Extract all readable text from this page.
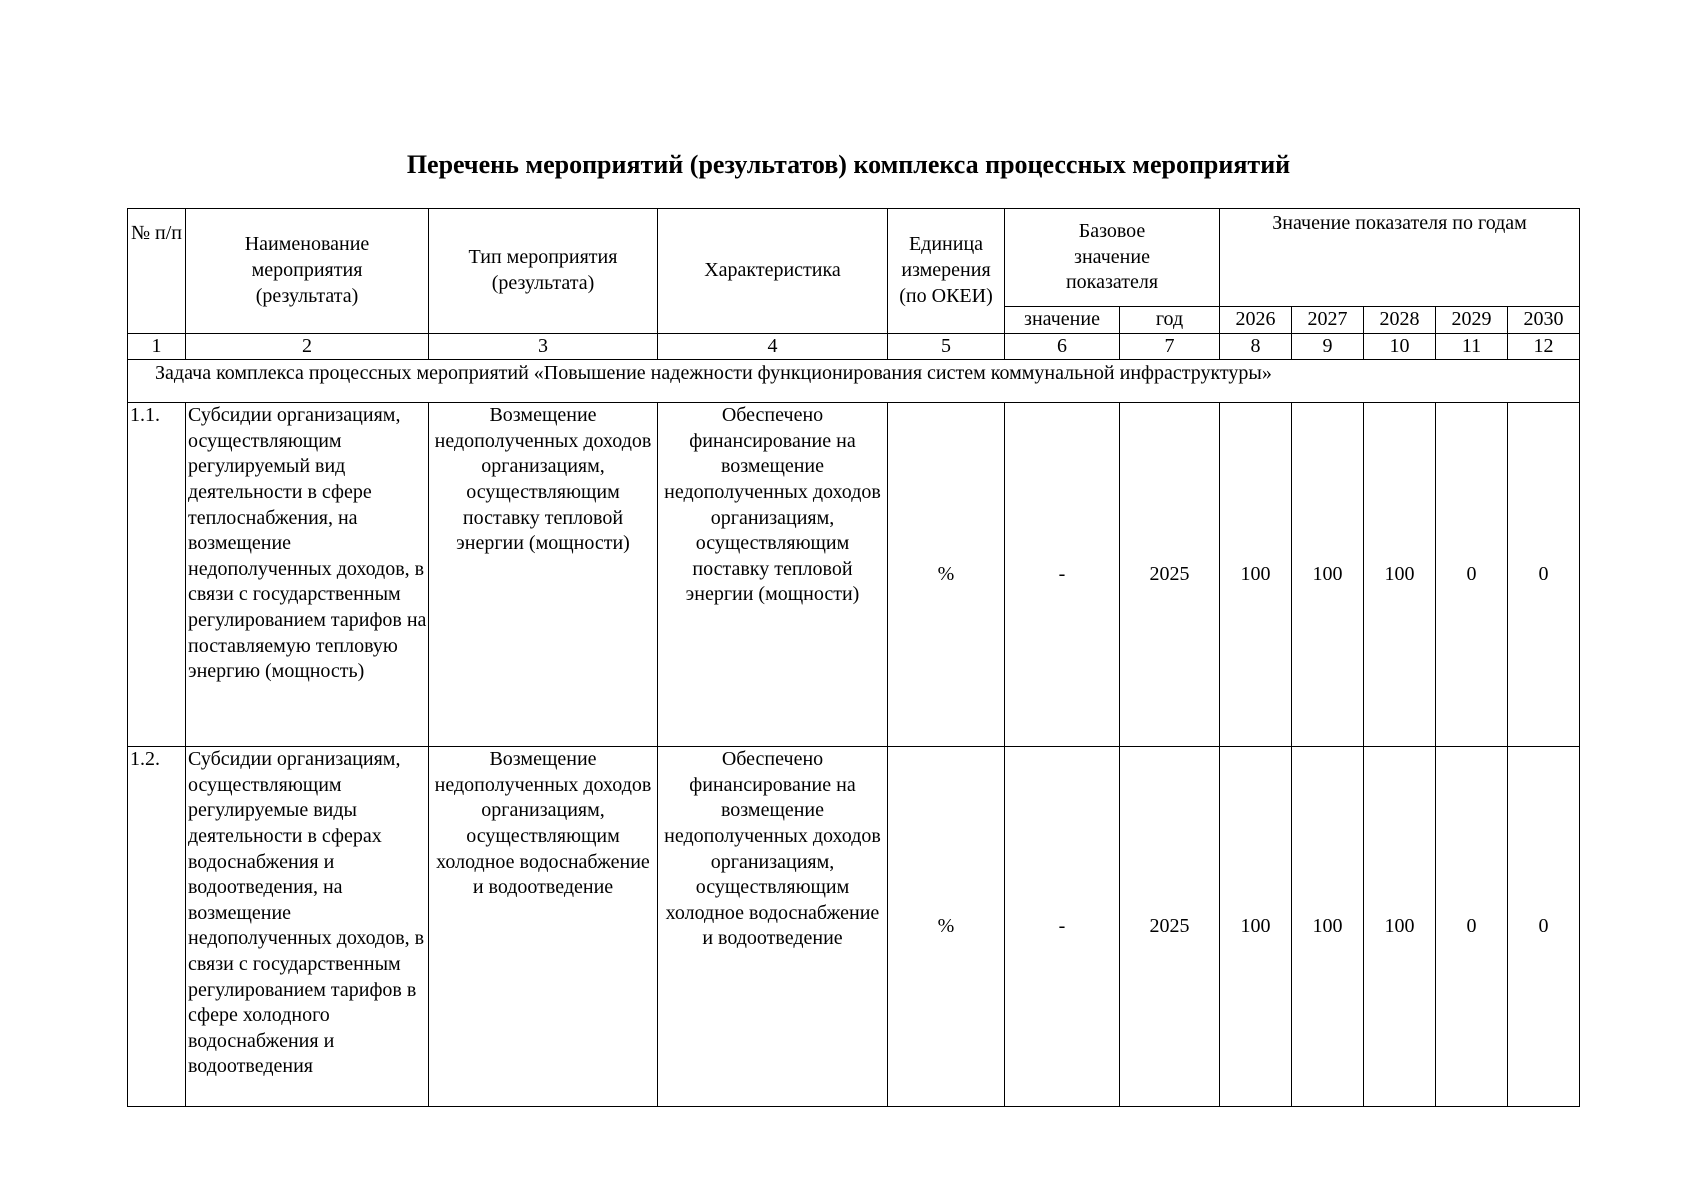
Перечень мероприятий (результатов) комплекса процессных мероприятий
№ п/п	Наименование мероприятия (результата)	Тип мероприятия (результата)	Характеристика	Единица измерения (по ОКЕИ)	Базовое значение показателя		Значение показателя по годам				
					значение	год	2026	2027	2028	2029	2030
1	2	3	4	5	6	7	8	9	10	11	12
Задача комплекса процессных мероприятий «Повышение надежности функционирования систем коммунальной инфраструктуры»											
1.1.	Субсидии организациям, осуществляющим регулируемый вид деятельности в сфере теплоснабжения, на возмещение недополученных доходов, в связи с государственным регулированием тарифов на поставляемую тепловую энергию (мощность)	Возмещение недополученных доходов организациям, осуществляющим поставку тепловой энергии (мощности)	Обеспечено финансирование на возмещение недополученных доходов организациям, осуществляющим поставку тепловой энергии (мощности)	%	-	2025	100	100	100	0	0
1.2.	Субсидии организациям, осуществляющим регулируемые виды деятельности в сферах водоснабжения и водоотведения, на возмещение недополученных доходов, в связи с государственным регулированием тарифов в сфере холодного водоснабжения и водоотведения	Возмещение недополученных доходов организациям, осуществляющим холодное водоснабжение и водоотведение	Обеспечено финансирование на возмещение недополученных доходов организациям, осуществляющим холодное водоснабжение и водоотведение	%	-	2025	100	100	100	0	0
